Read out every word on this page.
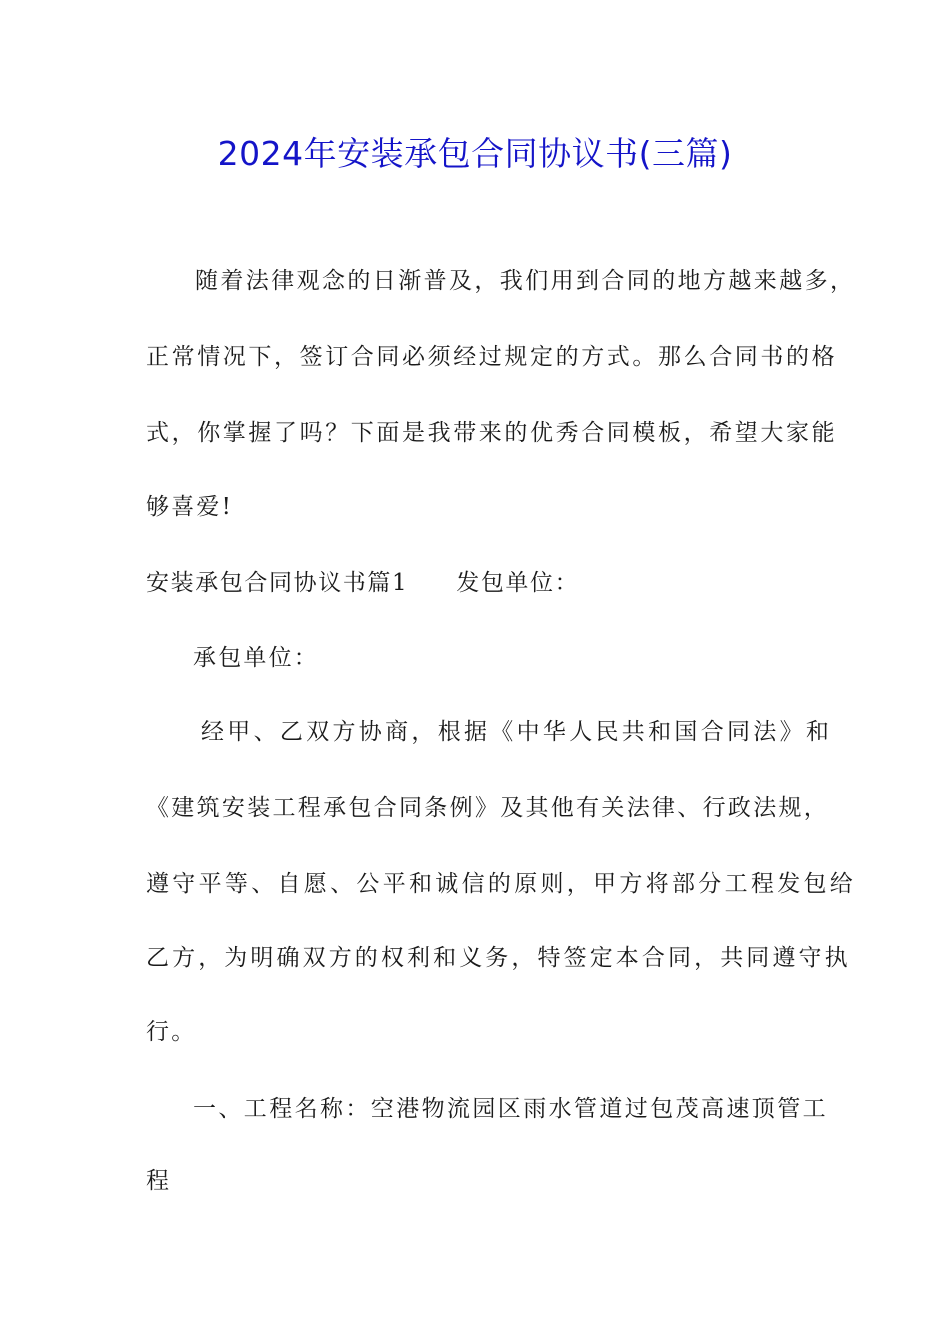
2024年安装承包合同协议书(三篇)
随着法律观念的日渐普及，我们用到合同的地方越来越多，
正常情况下，签订合同必须经过规定的方式。那么合同书的格
式，你掌握了吗？下面是我带来的优秀合同模板，希望大家能
够喜爱!
安装承包合同协议书篇1 发包单位：
承包单位：
经甲、乙双方协商，根据《中华人民共和国合同法》和
《建筑安装工程承包合同条例》及其他有关法律、行政法规，
遵守平等、自愿、公平和诚信的原则，甲方将部分工程发包给
乙方，为明确双方的权利和义务，特签定本合同，共同遵守执
行。
一、工程名称：空港物流园区雨水管道过包茂高速顶管工
程
